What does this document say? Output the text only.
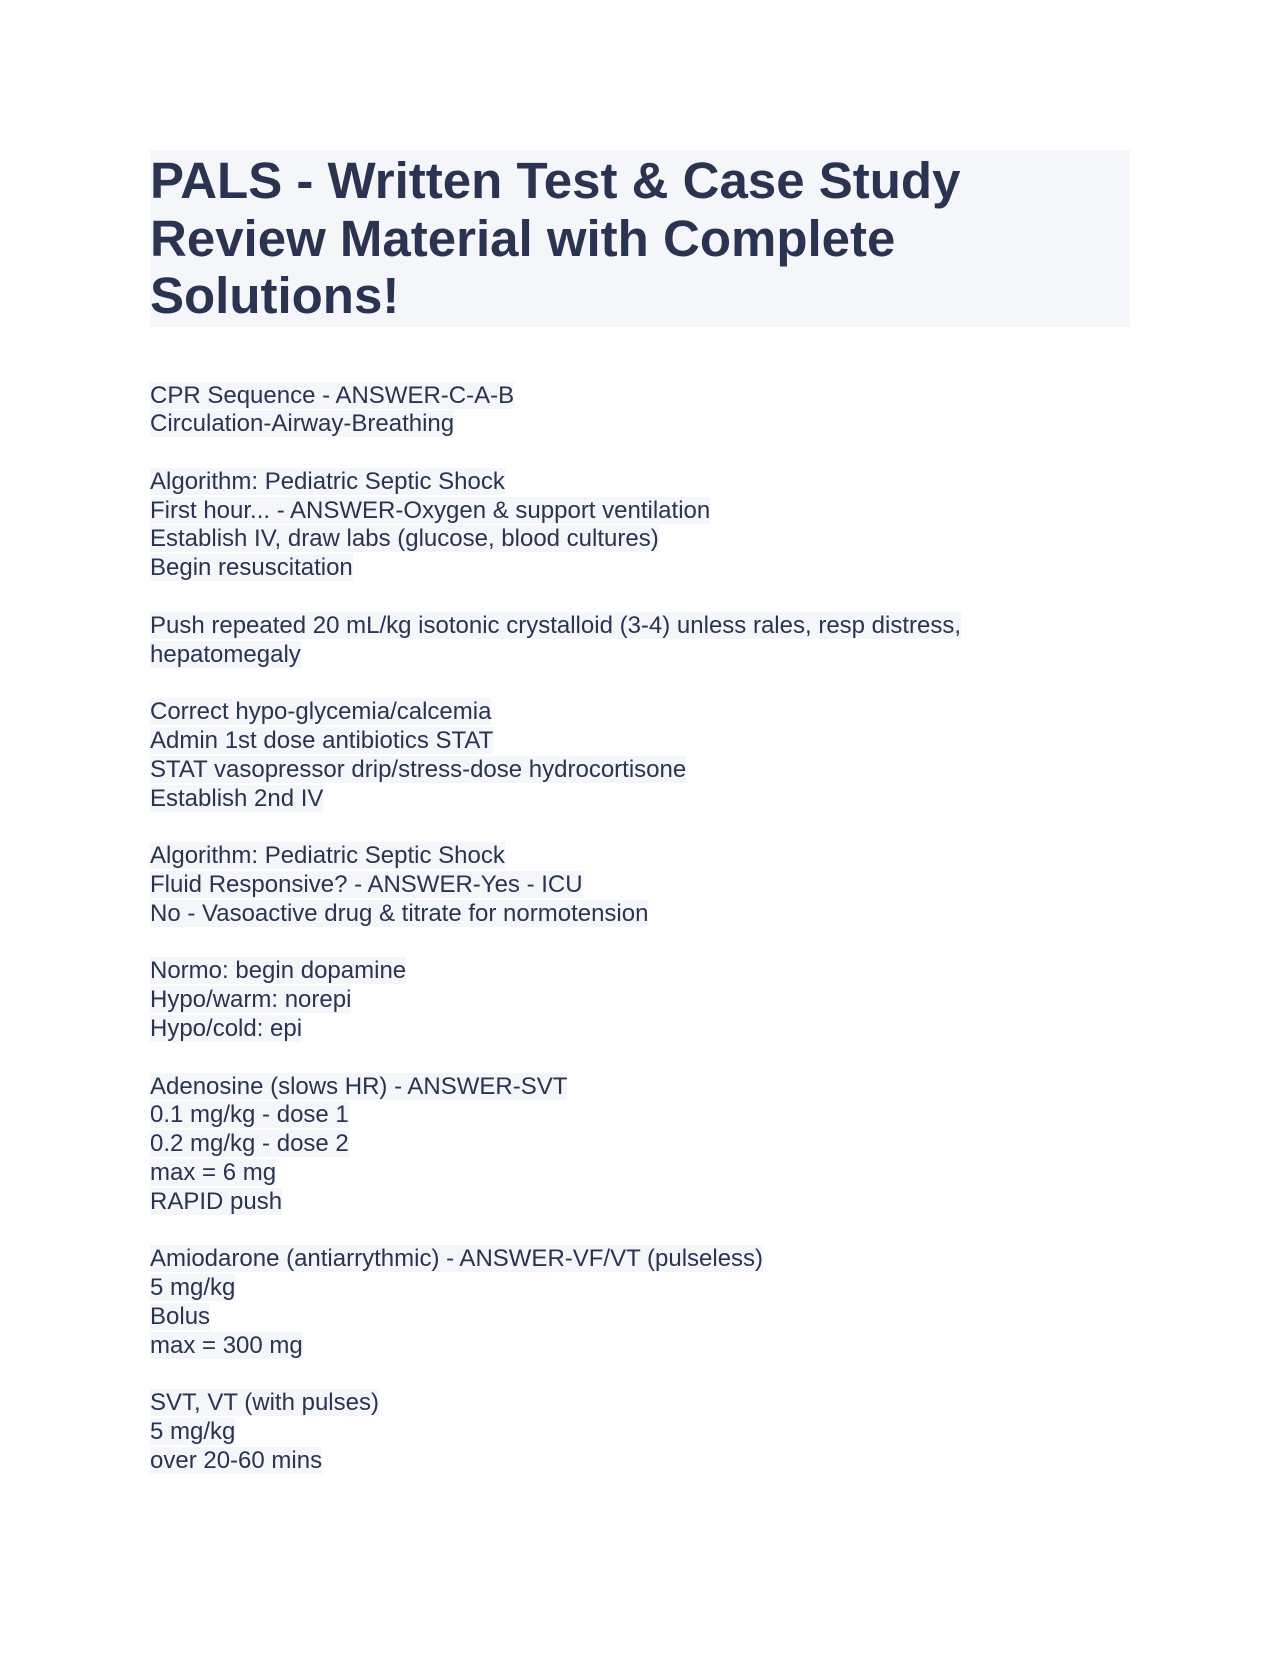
PALS - Written Test & Case Study Review Material with Complete Solutions!
CPR Sequence - ANSWER-C-A-B
Circulation-Airway-Breathing
Algorithm: Pediatric Septic Shock
First hour... - ANSWER-Oxygen & support ventilation
Establish IV, draw labs (glucose, blood cultures)
Begin resuscitation
Push repeated 20 mL/kg isotonic crystalloid (3-4) unless rales, resp distress,
hepatomegaly
Correct hypo-glycemia/calcemia
Admin 1st dose antibiotics STAT
STAT vasopressor drip/stress-dose hydrocortisone
Establish 2nd IV
Algorithm: Pediatric Septic Shock
Fluid Responsive? - ANSWER-Yes - ICU
No - Vasoactive drug & titrate for normotension
Normo: begin dopamine
Hypo/warm: norepi
Hypo/cold: epi
Adenosine (slows HR) - ANSWER-SVT
0.1 mg/kg - dose 1
0.2 mg/kg - dose 2
max = 6 mg
RAPID push
Amiodarone (antiarrythmic) - ANSWER-VF/VT (pulseless)
5 mg/kg
Bolus
max = 300 mg
SVT, VT (with pulses)
5 mg/kg
over 20-60 mins
